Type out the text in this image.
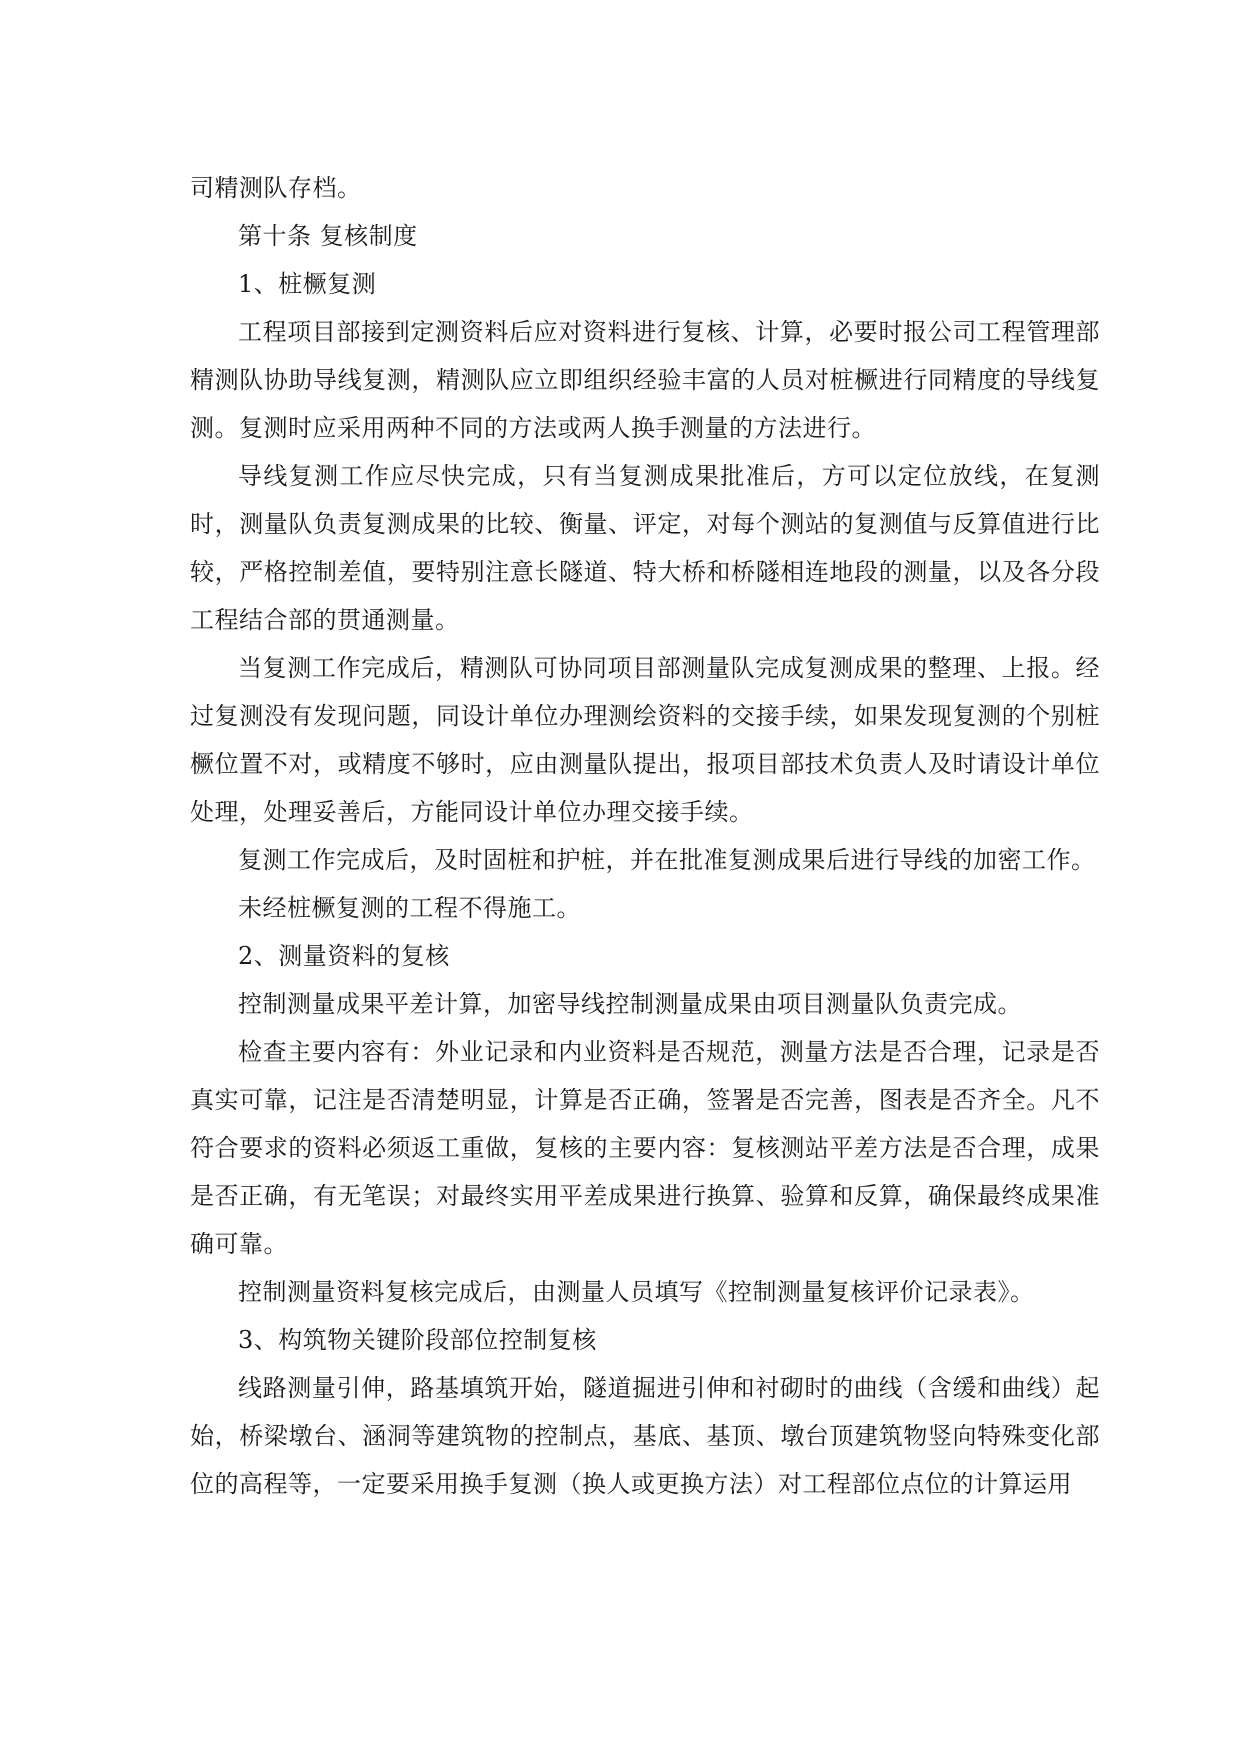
司精测队存档。

第十条 复核制度

1、桩橛复测

工程项目部接到定测资料后应对资料进行复核、计算，必要时报公司工程管理部精测队协助导线复测，精测队应立即组织经验丰富的人员对桩橛进行同精度的导线复测。复测时应采用两种不同的方法或两人换手测量的方法进行。

导线复测工作应尽快完成，只有当复测成果批准后，方可以定位放线，在复测时，测量队负责复测成果的比较、衡量、评定，对每个测站的复测值与反算值进行比较，严格控制差值，要特别注意长隧道、特大桥和桥隧相连地段的测量，以及各分段工程结合部的贯通测量。

当复测工作完成后，精测队可协同项目部测量队完成复测成果的整理、上报。经过复测没有发现问题，同设计单位办理测绘资料的交接手续，如果发现复测的个别桩橛位置不对，或精度不够时，应由测量队提出，报项目部技术负责人及时请设计单位处理，处理妥善后，方能同设计单位办理交接手续。

复测工作完成后，及时固桩和护桩，并在批准复测成果后进行导线的加密工作。

未经桩橛复测的工程不得施工。

2、测量资料的复核

控制测量成果平差计算，加密导线控制测量成果由项目测量队负责完成。

检查主要内容有：外业记录和内业资料是否规范，测量方法是否合理，记录是否真实可靠，记注是否清楚明显，计算是否正确，签署是否完善，图表是否齐全。凡不符合要求的资料必须返工重做，复核的主要内容：复核测站平差方法是否合理，成果是否正确，有无笔误；对最终实用平差成果进行换算、验算和反算，确保最终成果准确可靠。

控制测量资料复核完成后，由测量人员填写《控制测量复核评价记录表》。

3、构筑物关键阶段部位控制复核

线路测量引伸，路基填筑开始，隧道掘进引伸和衬砌时的曲线（含缓和曲线）起始，桥梁墩台、涵洞等建筑物的控制点，基底、基顶、墩台顶建筑物竖向特殊变化部位的高程等，一定要采用换手复测（换人或更换方法）对工程部位点位的计算运用
